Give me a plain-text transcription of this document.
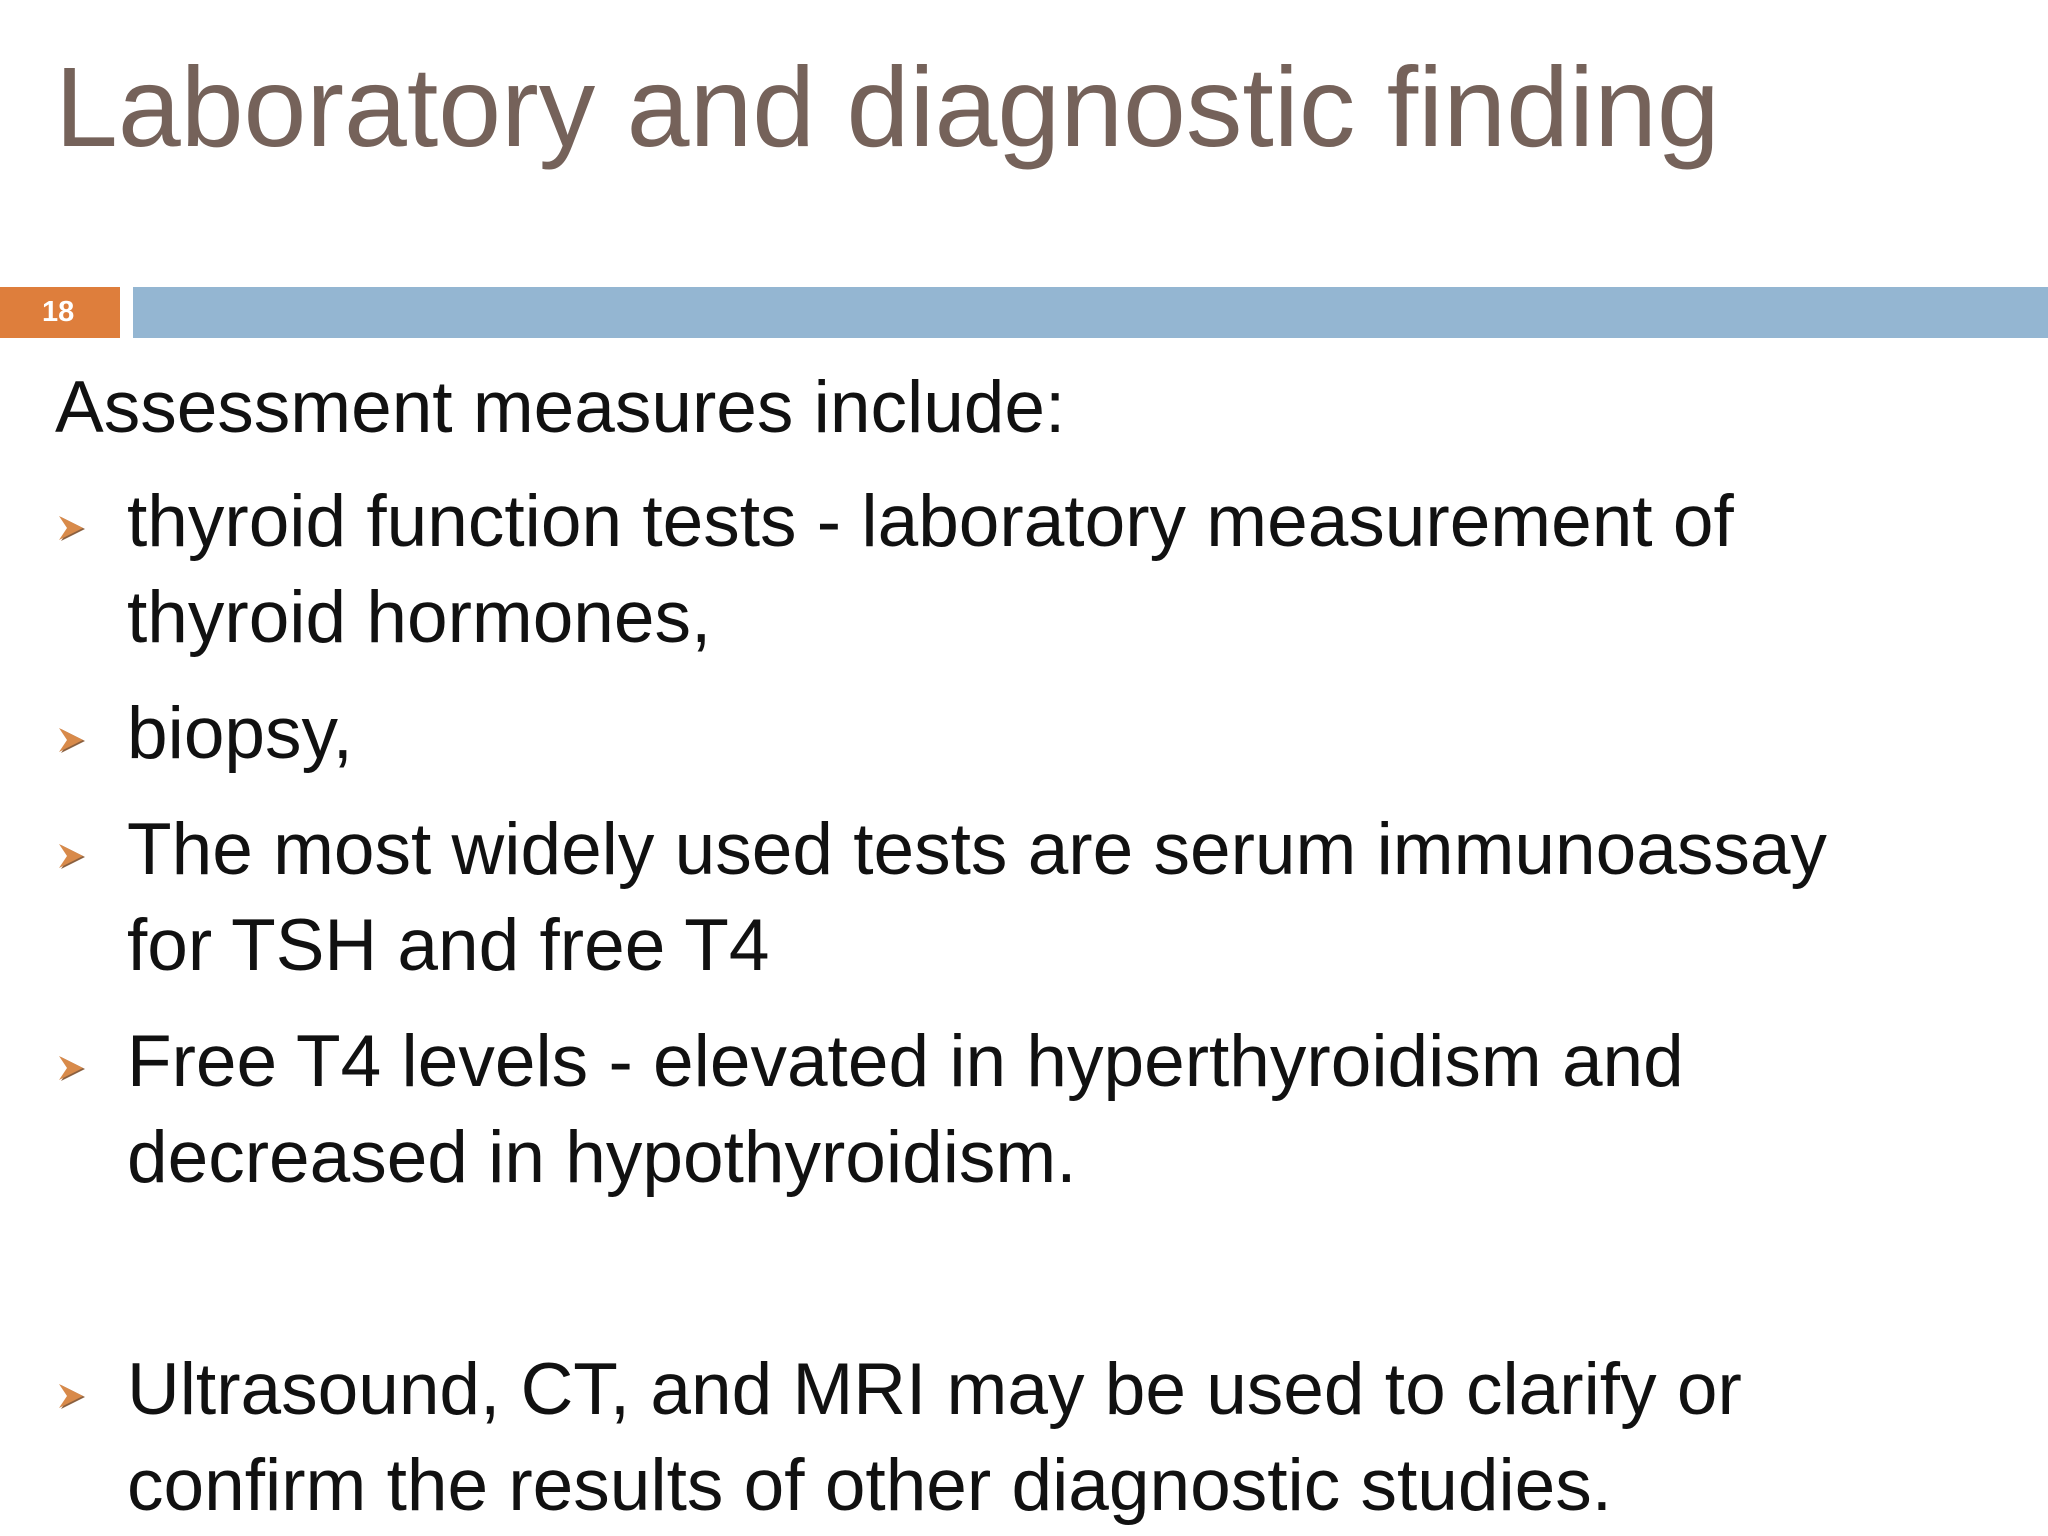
Laboratory and diagnostic finding
18

Assessment measures include:

thyroid function tests - laboratory measurement of
thyroid hormones,
biopsy,
The most widely used tests are serum immunoassay
for TSH and free T4
Free T4 levels - elevated in hyperthyroidism and
decreased in hypothyroidism.
Ultrasound, CT, and MRI may be used to clarify or
confirm the results of other diagnostic studies.
